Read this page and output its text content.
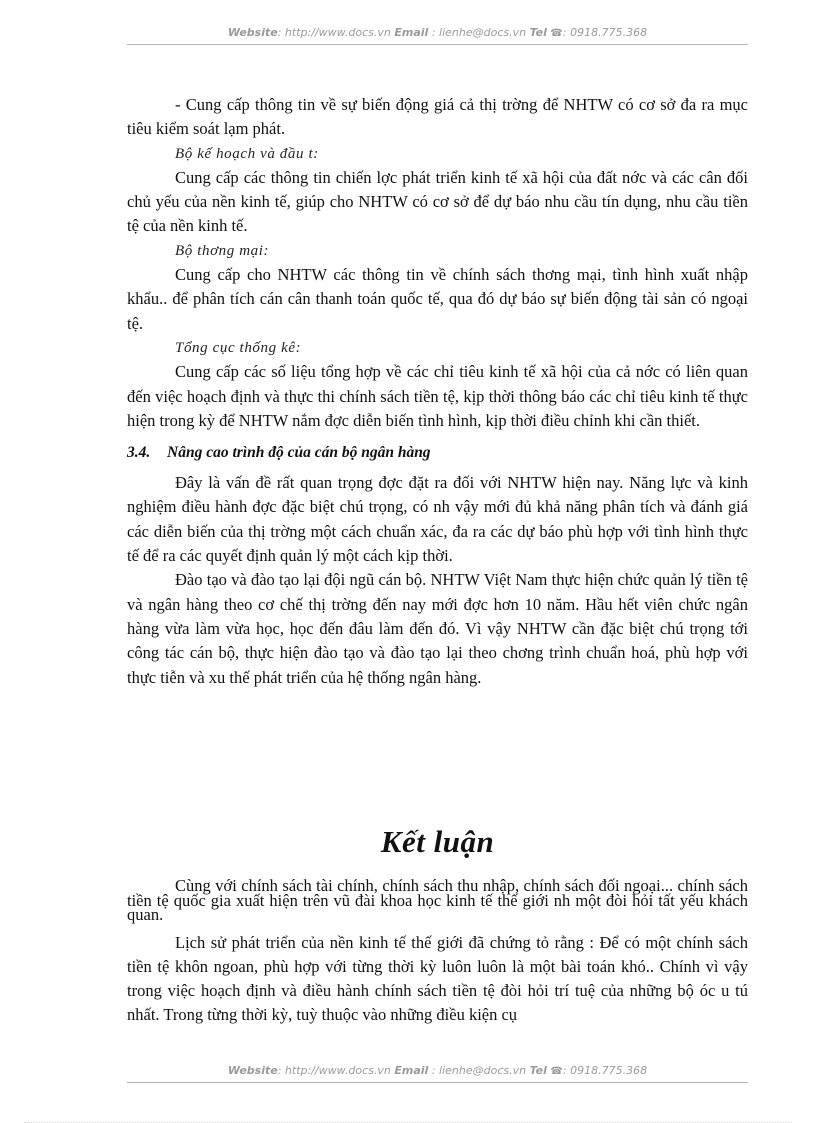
Website: http://www.docs.vn Email : lienhe@docs.vn Tel ☎: 0918.775.368

- Cung cấp thông tin về sự biến động giá cả thị trờng để NHTW có cơ sở đa ra mục tiêu kiểm soát lạm phát.

Bộ kế hoạch và đầu t:

Cung cấp các thông tin chiến lợc phát triển kinh tế xã hội của đất nớc và các cân đối chủ yếu của nền kinh tế, giúp cho NHTW có cơ sở để dự báo nhu cầu tín dụng, nhu cầu tiền tệ của nền kinh tế.

Bộ thơng mại:

Cung cấp cho NHTW các thông tin về chính sách thơng mại, tình hình xuất nhập khẩu.. để phân tích cán cân thanh toán quốc tế, qua đó dự báo sự biến động tài sản có ngoại tệ.

Tổng cục thống kê:

Cung cấp các số liệu tổng hợp về các chỉ tiêu kinh tế xã hội của cả nớc có liên quan đến việc hoạch định và thực thi chính sách tiền tệ, kịp thời thông báo các chỉ tiêu kinh tế thực hiện trong kỳ để NHTW nắm đợc diễn biến tình hình, kịp thời điều chỉnh khi cần thiết.

3.4. Nâng cao trình độ của cán bộ ngân hàng

Đây là vấn đề rất quan trọng đợc đặt ra đối với NHTW hiện nay. Năng lực và kinh nghiệm điều hành đợc đặc biệt chú trọng, có nh vậy mới đủ khả năng phân tích và đánh giá các diễn biến của thị trờng một cách chuẩn xác, đa ra các dự báo phù hợp với tình hình thực tế để ra các quyết định quản lý một cách kịp thời.

Đào tạo và đào tạo lại đội ngũ cán bộ. NHTW Việt Nam thực hiện chức quản lý tiền tệ và ngân hàng theo cơ chế thị trờng đến nay mới đợc hơn 10 năm. Hầu hết viên chức ngân hàng vừa làm vừa học, học đến đâu làm đến đó. Vì vậy NHTW cần đặc biệt chú trọng tới công tác cán bộ, thực hiện đào tạo và đào tạo lại theo chơng trình chuẩn hoá, phù hợp với thực tiễn và xu thế phát triển của hệ thống ngân hàng.

Kết luận

Cùng với chính sách tài chính, chính sách thu nhập, chính sách đối ngoại... chính sách tiền tệ quốc gia xuất hiện trên vũ đài khoa học kinh tế thế giới nh một đòi hỏi tất yếu khách quan.

Lịch sử phát triển của nền kinh tế thế giới đã chứng tỏ rằng : Để có một chính sách tiền tệ khôn ngoan, phù hợp với từng thời kỳ luôn luôn là một bài toán khó.. Chính vì vậy trong việc hoạch định và điều hành chính sách tiền tệ đòi hỏi trí tuệ của những bộ óc u tú nhất. Trong từng thời kỳ, tuỳ thuộc vào những điều kiện cụ

Website: http://www.docs.vn Email : lienhe@docs.vn Tel ☎: 0918.775.368
